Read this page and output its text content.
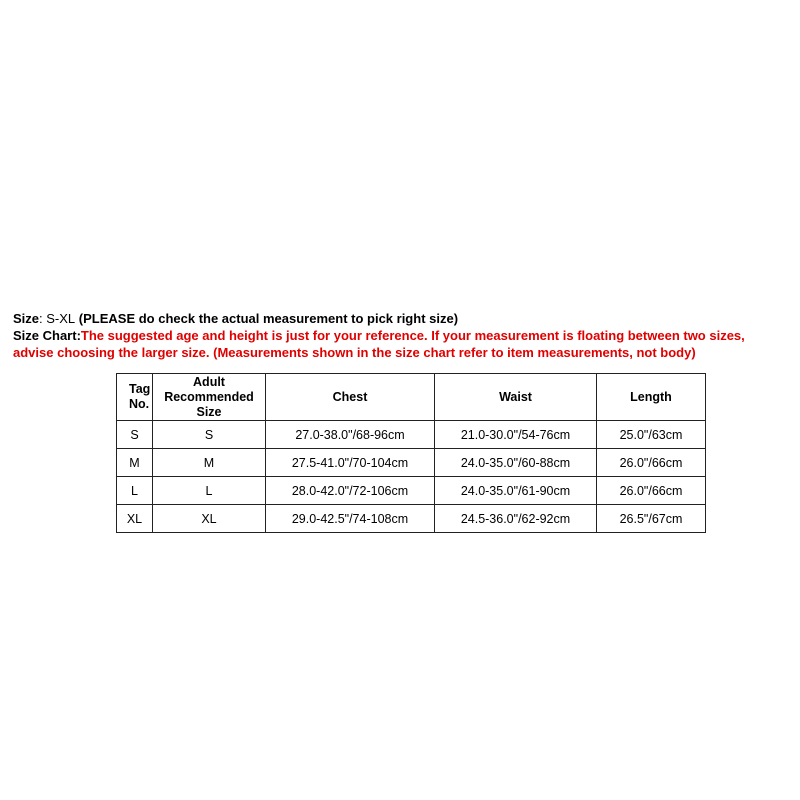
Size: S-XL (PLEASE do check the actual measurement to pick right size)
Size Chart:The suggested age and height is just for your reference. If your measurement is floating between two sizes,
advise choosing the larger size. (Measurements shown in the size chart refer to item measurements, not body)
Tag No.	Adult Recommended Size	Chest	Waist	Length
S	S	27.0-38.0"/68-96cm	21.0-30.0"/54-76cm	25.0"/63cm
M	M	27.5-41.0"/70-104cm	24.0-35.0"/60-88cm	26.0"/66cm
L	L	28.0-42.0"/72-106cm	24.0-35.0"/61-90cm	26.0"/66cm
XL	XL	29.0-42.5"/74-108cm	24.5-36.0"/62-92cm	26.5"/67cm
